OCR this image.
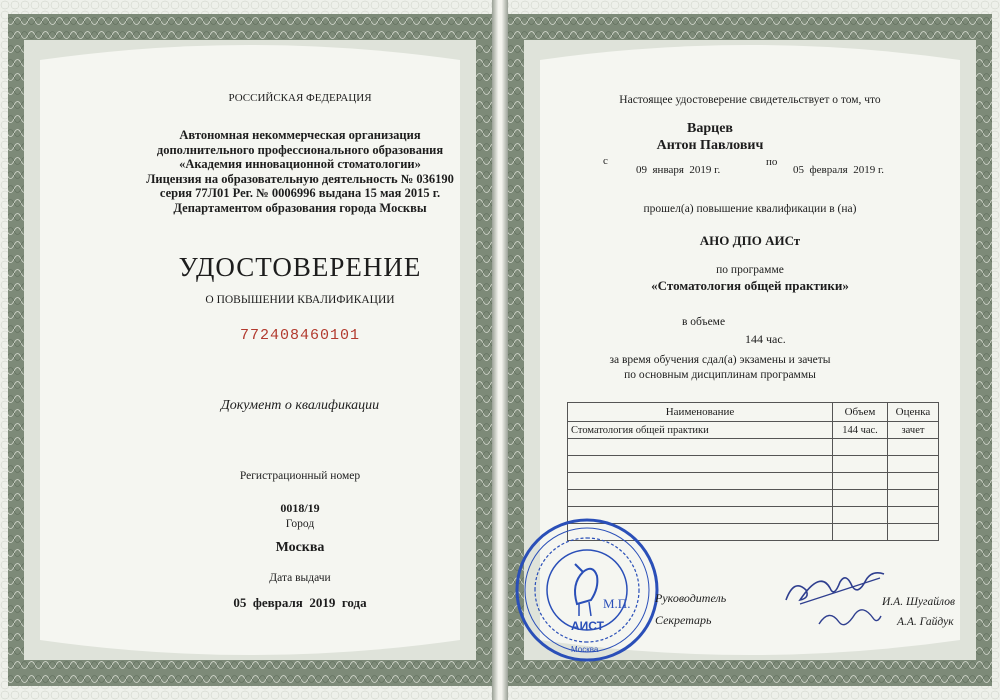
РОССИЙСКАЯ ФЕДЕРАЦИЯ
Автономная некоммерческая организация
дополнительного профессионального образования
«Академия инновационной стоматологии»
Лицензия на образовательную деятельность № 036190
серия 77Л01 Рег. № 0006996 выдана 15 мая 2015 г.
Департаментом образования города Москвы
УДОСТОВЕРЕНИЕ
О ПОВЫШЕНИИ КВАЛИФИКАЦИИ
772408460101
Документ о квалификации
Регистрационный номер
0018/19
Город
Москва
Дата выдачи
05  февраля  2019  года
Настоящее удостоверение свидетельствует о том, что
Варцев
Антон Павлович
с
09  января  2019 г.
по
05  февраля  2019 г.
прошел(а) повышение квалификации в (на)
АНО ДПО АИСт
по программе
«Стоматология общей практики»
в объеме
144 час.
за время обучения сдал(а) экзамены и зачеты
по основным дисциплинам программы
Наименование	Объем	Оценка
Стоматология общей практики	144 час.	зачет

АИСТ
М.П.
Москва
Руководитель
Секретарь
И.А. Шугайлов
А.А. Гайдук
